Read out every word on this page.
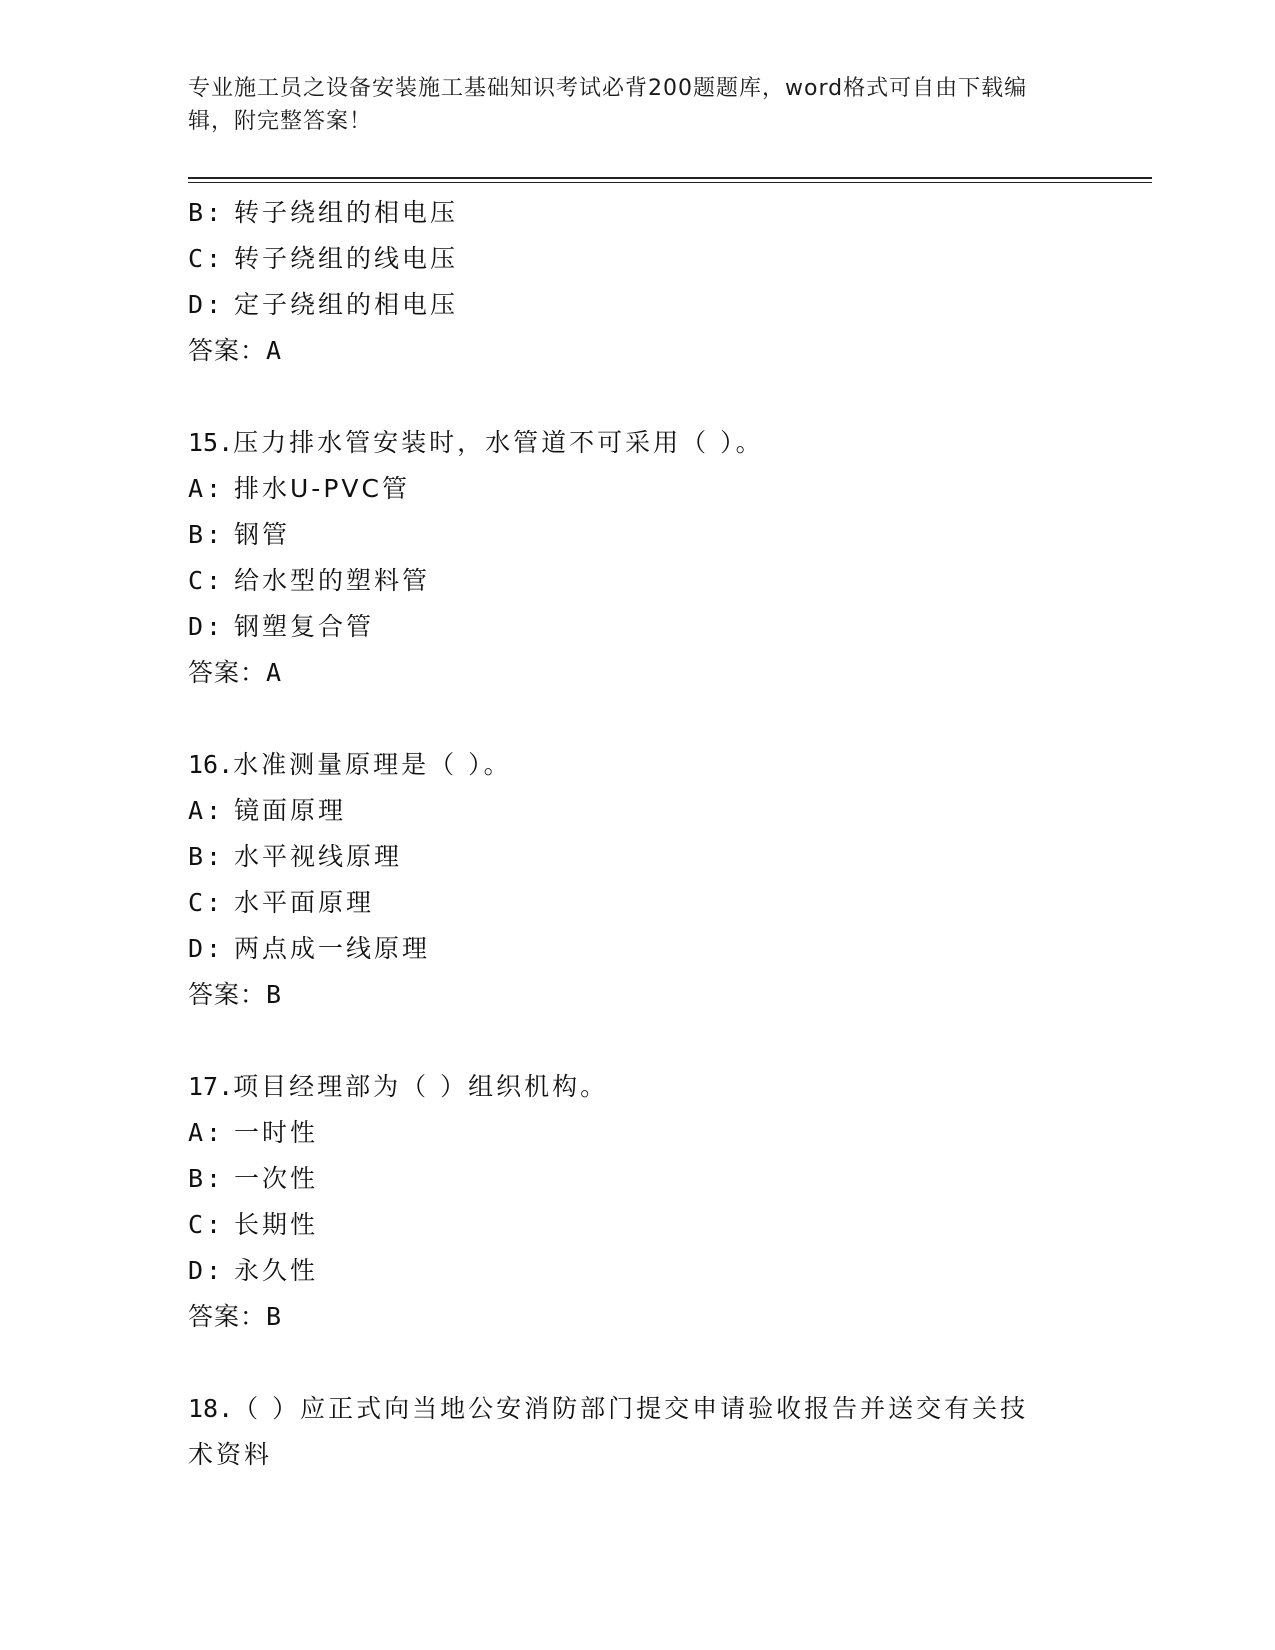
专业施工员之设备安装施工基础知识考试必背200题题库，word格式可自由下载编辑，附完整答案！
B: 转子绕组的相电压
C: 转子绕组的线电压
D: 定子绕组的相电压
答案：A
15.压力排水管安装时，水管道不可采用（ ）。
A: 排水U-PVC管
B: 钢管
C: 给水型的塑料管
D: 钢塑复合管
答案：A
16.水准测量原理是（ ）。
A: 镜面原理
B: 水平视线原理
C: 水平面原理
D: 两点成一线原理
答案：B
17.项目经理部为（ ）组织机构。
A: 一时性
B: 一次性
C: 长期性
D: 永久性
答案：B
18.（ ）应正式向当地公安消防部门提交申请验收报告并送交有关技术资料
